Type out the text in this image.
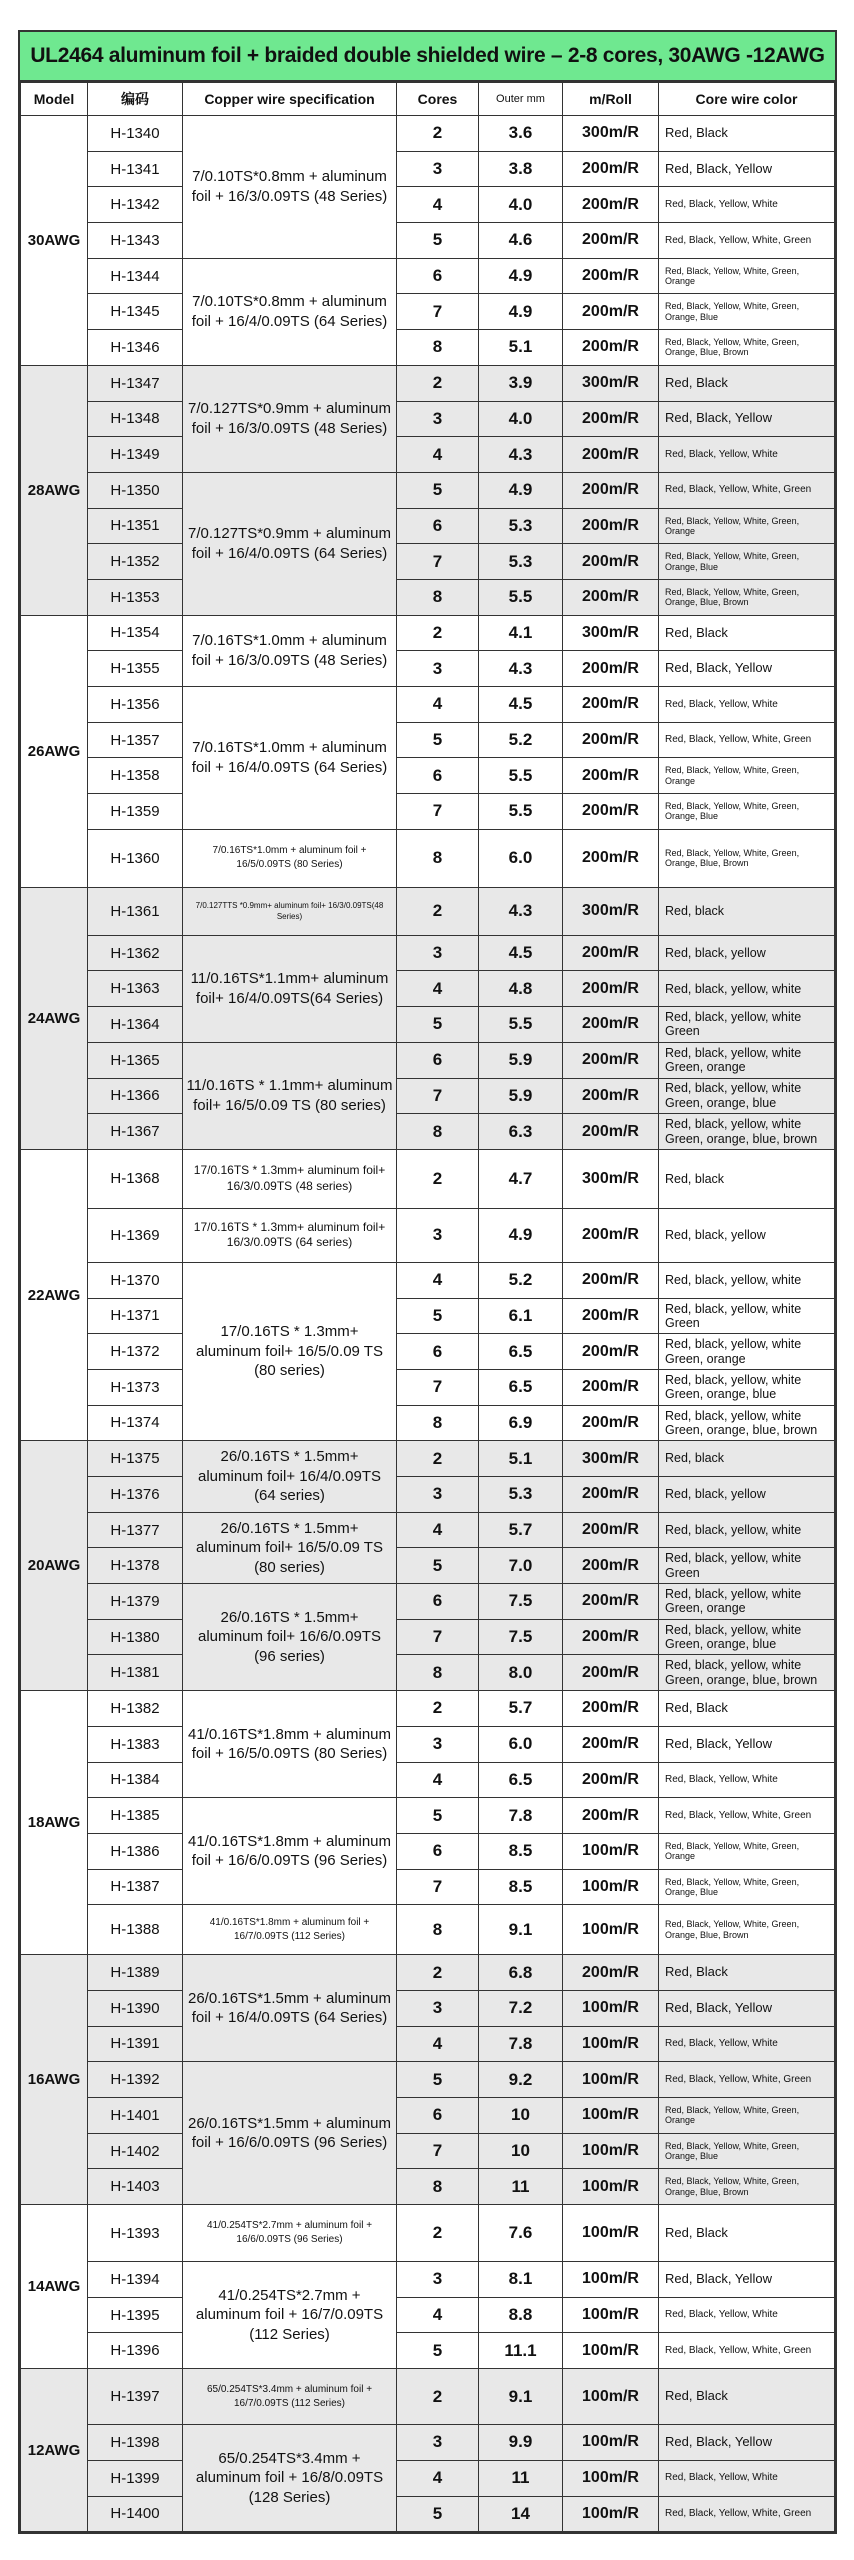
UL2464 aluminum foil + braided double shielded wire – 2-8 cores, 30AWG -12AWG
Model	编码	Copper wire specification	Cores	Outer mm	m/Roll	Core wire color
30AWG	H-1340	7/0.10TS*0.8mm + aluminum foil + 16/3/0.09TS (48 Series)	2	3.6	300m/R	Red, Black
	H-1341		3	3.8	200m/R	Red, Black, Yellow
	H-1342		4	4.0	200m/R	Red, Black, Yellow, White
	H-1343		5	4.6	200m/R	Red, Black, Yellow, White, Green
	H-1344	7/0.10TS*0.8mm + aluminum foil + 16/4/0.09TS (64 Series)	6	4.9	200m/R	Red, Black, Yellow, White, Green, Orange
	H-1345		7	4.9	200m/R	Red, Black, Yellow, White, Green, Orange, Blue
	H-1346		8	5.1	200m/R	Red, Black, Yellow, White, Green, Orange, Blue, Brown
28AWG	H-1347	7/0.127TS*0.9mm + aluminum foil + 16/3/0.09TS (48 Series)	2	3.9	300m/R	Red, Black
	H-1348		3	4.0	200m/R	Red, Black, Yellow
	H-1349		4	4.3	200m/R	Red, Black, Yellow, White
	H-1350	7/0.127TS*0.9mm + aluminum foil + 16/4/0.09TS (64 Series)	5	4.9	200m/R	Red, Black, Yellow, White, Green
	H-1351		6	5.3	200m/R	Red, Black, Yellow, White, Green, Orange
	H-1352		7	5.3	200m/R	Red, Black, Yellow, White, Green, Orange, Blue
	H-1353		8	5.5	200m/R	Red, Black, Yellow, White, Green, Orange, Blue, Brown
26AWG	H-1354	7/0.16TS*1.0mm + aluminum foil + 16/3/0.09TS (48 Series)	2	4.1	300m/R	Red, Black
	H-1355		3	4.3	200m/R	Red, Black, Yellow
	H-1356	7/0.16TS*1.0mm + aluminum foil + 16/4/0.09TS (64 Series)	4	4.5	200m/R	Red, Black, Yellow, White
	H-1357		5	5.2	200m/R	Red, Black, Yellow, White, Green
	H-1358		6	5.5	200m/R	Red, Black, Yellow, White, Green, Orange
	H-1359		7	5.5	200m/R	Red, Black, Yellow, White, Green, Orange, Blue
	H-1360	7/0.16TS*1.0mm + aluminum foil + 16/5/0.09TS (80 Series)	8	6.0	200m/R	Red, Black, Yellow, White, Green, Orange, Blue, Brown
24AWG	H-1361	7/0.127TTS *0.9mm+ aluminum foil+ 16/3/0.09TS(48 Series)	2	4.3	300m/R	Red, black
	H-1362	11/0.16TS*1.1mm+ aluminum foil+ 16/4/0.09TS(64 Series)	3	4.5	200m/R	Red, black, yellow
	H-1363		4	4.8	200m/R	Red, black, yellow, white
	H-1364		5	5.5	200m/R	Red, black, yellow, white Green
	H-1365	11/0.16TS * 1.1mm+ aluminum foil+ 16/5/0.09 TS (80 series)	6	5.9	200m/R	Red, black, yellow, white Green, orange
	H-1366		7	5.9	200m/R	Red, black, yellow, white Green, orange, blue
	H-1367		8	6.3	200m/R	Red, black, yellow, white Green, orange, blue, brown
22AWG	H-1368	17/0.16TS * 1.3mm+ aluminum foil+ 16/3/0.09TS (48 series)	2	4.7	300m/R	Red, black
	H-1369	17/0.16TS * 1.3mm+ aluminum foil+ 16/3/0.09TS (64 series)	3	4.9	200m/R	Red, black, yellow
	H-1370	17/0.16TS * 1.3mm+ aluminum foil+ 16/5/0.09 TS (80 series)	4	5.2	200m/R	Red, black, yellow, white
	H-1371		5	6.1	200m/R	Red, black, yellow, white Green
	H-1372		6	6.5	200m/R	Red, black, yellow, white Green, orange
	H-1373		7	6.5	200m/R	Red, black, yellow, white Green, orange, blue
	H-1374		8	6.9	200m/R	Red, black, yellow, white Green, orange, blue, brown
20AWG	H-1375	26/0.16TS * 1.5mm+ aluminum foil+ 16/4/0.09TS (64 series)	2	5.1	300m/R	Red, black
	H-1376		3	5.3	200m/R	Red, black, yellow
	H-1377	26/0.16TS * 1.5mm+ aluminum foil+ 16/5/0.09 TS (80 series)	4	5.7	200m/R	Red, black, yellow, white
	H-1378		5	7.0	200m/R	Red, black, yellow, white Green
	H-1379	26/0.16TS * 1.5mm+ aluminum foil+ 16/6/0.09TS (96 series)	6	7.5	200m/R	Red, black, yellow, white Green, orange
	H-1380		7	7.5	200m/R	Red, black, yellow, white Green, orange, blue
	H-1381		8	8.0	200m/R	Red, black, yellow, white Green, orange, blue, brown
18AWG	H-1382	41/0.16TS*1.8mm + aluminum foil + 16/5/0.09TS (80 Series)	2	5.7	200m/R	Red, Black
	H-1383		3	6.0	200m/R	Red, Black, Yellow
	H-1384		4	6.5	200m/R	Red, Black, Yellow, White
	H-1385	41/0.16TS*1.8mm + aluminum foil + 16/6/0.09TS (96 Series)	5	7.8	200m/R	Red, Black, Yellow, White, Green
	H-1386		6	8.5	100m/R	Red, Black, Yellow, White, Green, Orange
	H-1387		7	8.5	100m/R	Red, Black, Yellow, White, Green, Orange, Blue
	H-1388	41/0.16TS*1.8mm + aluminum foil + 16/7/0.09TS (112 Series)	8	9.1	100m/R	Red, Black, Yellow, White, Green, Orange, Blue, Brown
16AWG	H-1389	26/0.16TS*1.5mm + aluminum foil + 16/4/0.09TS (64 Series)	2	6.8	200m/R	Red, Black
	H-1390		3	7.2	100m/R	Red, Black, Yellow
	H-1391		4	7.8	100m/R	Red, Black, Yellow, White
	H-1392	26/0.16TS*1.5mm + aluminum foil + 16/6/0.09TS (96 Series)	5	9.2	100m/R	Red, Black, Yellow, White, Green
	H-1401		6	10	100m/R	Red, Black, Yellow, White, Green, Orange
	H-1402		7	10	100m/R	Red, Black, Yellow, White, Green, Orange, Blue
	H-1403		8	11	100m/R	Red, Black, Yellow, White, Green, Orange, Blue, Brown
14AWG	H-1393	41/0.254TS*2.7mm + aluminum foil + 16/6/0.09TS (96 Series)	2	7.6	100m/R	Red, Black
	H-1394	41/0.254TS*2.7mm + aluminum foil + 16/7/0.09TS (112 Series)	3	8.1	100m/R	Red, Black, Yellow
	H-1395		4	8.8	100m/R	Red, Black, Yellow, White
	H-1396		5	11.1	100m/R	Red, Black, Yellow, White, Green
12AWG	H-1397	65/0.254TS*3.4mm + aluminum foil + 16/7/0.09TS (112 Series)	2	9.1	100m/R	Red, Black
	H-1398	65/0.254TS*3.4mm + aluminum foil + 16/8/0.09TS (128 Series)	3	9.9	100m/R	Red, Black, Yellow
	H-1399		4	11	100m/R	Red, Black, Yellow, White
	H-1400		5	14	100m/R	Red, Black, Yellow, White, Green
